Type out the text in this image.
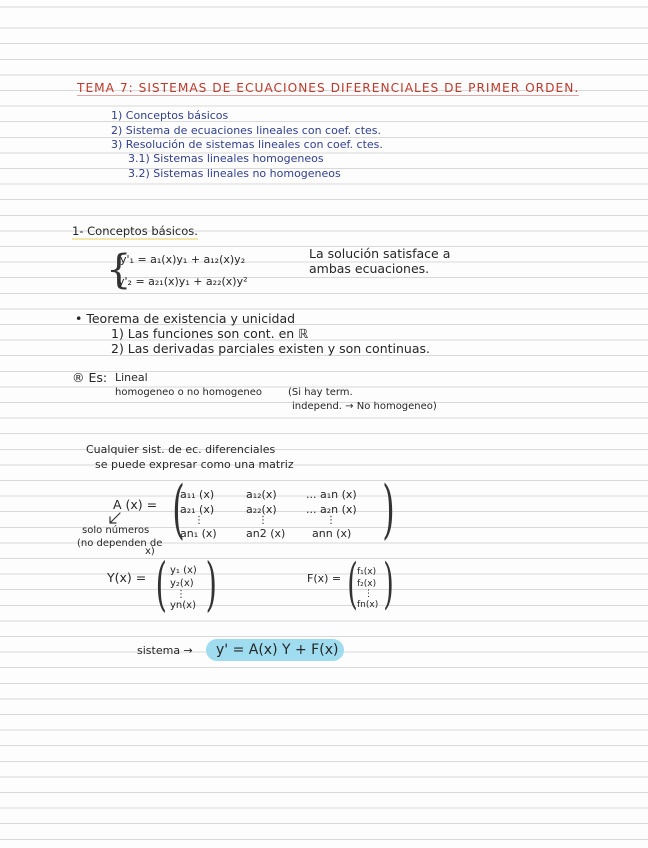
TEMA 7: SISTEMAS DE ECUACIONES DIFERENCIALES DE PRIMER ORDEN.
1) Conceptos básicos
2) Sistema de ecuaciones lineales con coef. ctes.
3) Resolución de sistemas lineales con coef. ctes.
3.1) Sistemas lineales homogeneos
3.2) Sistemas lineales no homogeneos
1- Conceptos básicos.
{
y'₁ = a₁(x)y₁ + a₁₂(x)y₂
y'₂ = a₂₁(x)y₁ + a₂₂(x)y²
La solución satisface a
ambas ecuaciones.
• Teorema de existencia y unicidad
1) Las funciones son cont. en ℝ
2) Las derivadas parciales existen y son continuas.
® Es: Lineal
homogeneo o no homogeneo	(Si hay term.
independ. → No homogeneo)
Cualquier sist. de ec. diferenciales
se puede expresar como una matriz
A (x) = (	)
a₁₁ (x)	a₁₂(x)	... a₁n (x)
a₂₁ (x)	a₂₂(x)	... a₂n (x)
⋮	⋮	⋮
an₁ (x)	an2 (x) ann (x)
solo números
(no dependen de
x)
Y(x) = ( )
y₁ (x)
y₂(x)
⋮
yn(x)
F(x) = ( )
f₁(x)
f₂(x)
⋮
fn(x)
sistema → y' = A(x) Y + F(x)
